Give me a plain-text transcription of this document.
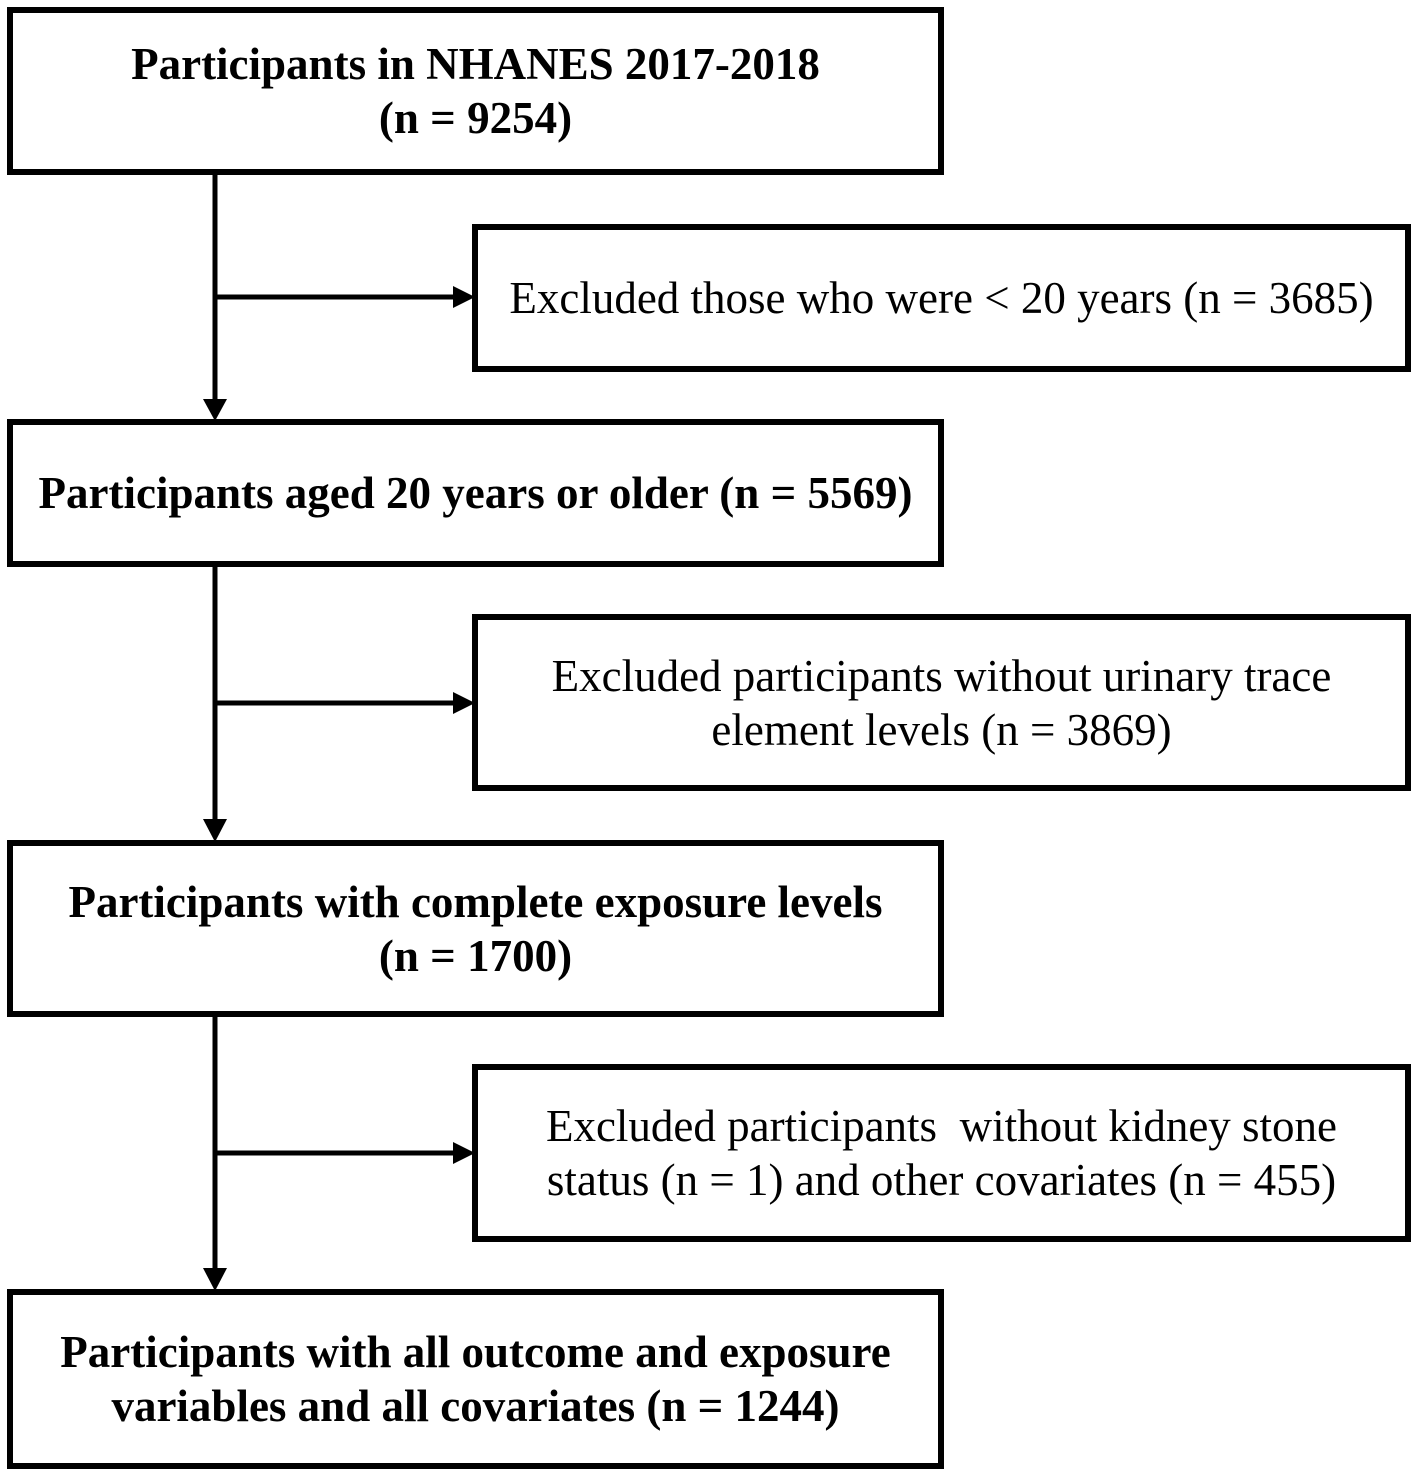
Participants in NHANES 2017-2018
(n = 9254)
Excluded those who were < 20 years (n = 3685)
Participants aged 20 years or older (n = 5569)
Excluded participants without urinary trace
element levels (n = 3869)
Participants with complete exposure levels
(n = 1700)
Excluded participants  without kidney stone
status (n = 1) and other covariates (n = 455)
Participants with all outcome and exposure
variables and all covariates (n = 1244)
